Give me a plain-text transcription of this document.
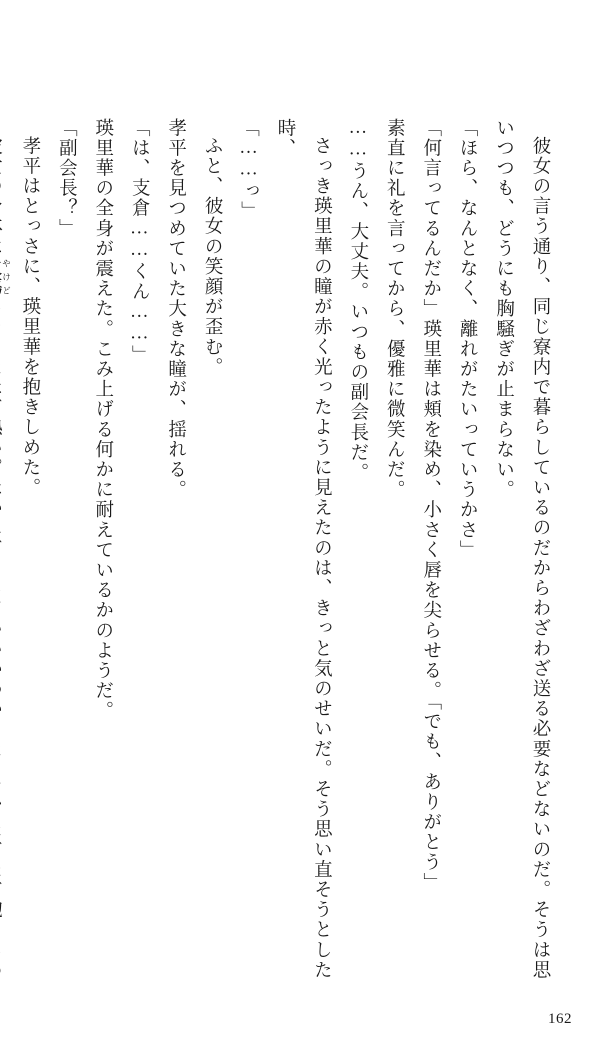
彼女の言う通り、同じ寮内で暮らしているのだからわざわざ送る必要などないのだ。そうは思いつつも、どうにも胸騒ぎが止まらない。

「ほら、なんとなく、離れがたいっていうかさ」

「何言ってるんだか」瑛里華は頬を染め、小さく唇を尖らせる。「でも、ありがとう」

素直に礼を言ってから、優雅に微笑んだ。

……うん、大丈夫。いつもの副会長だ。

さっき瑛里華の瞳が赤く光ったように見えたのは、きっと気のせいだ。そう思い直そうとした時、

「……っ」

ふと、彼女の笑顔が歪む。

孝平を見つめていた大きな瞳が、揺れる。

「は、支倉……くん……」

瑛里華の全身が震えた。こみ上げる何かに耐えているかのようだ。

「副会長？」

孝平はとっさに、瑛里華を抱きしめた。

やけど

162
